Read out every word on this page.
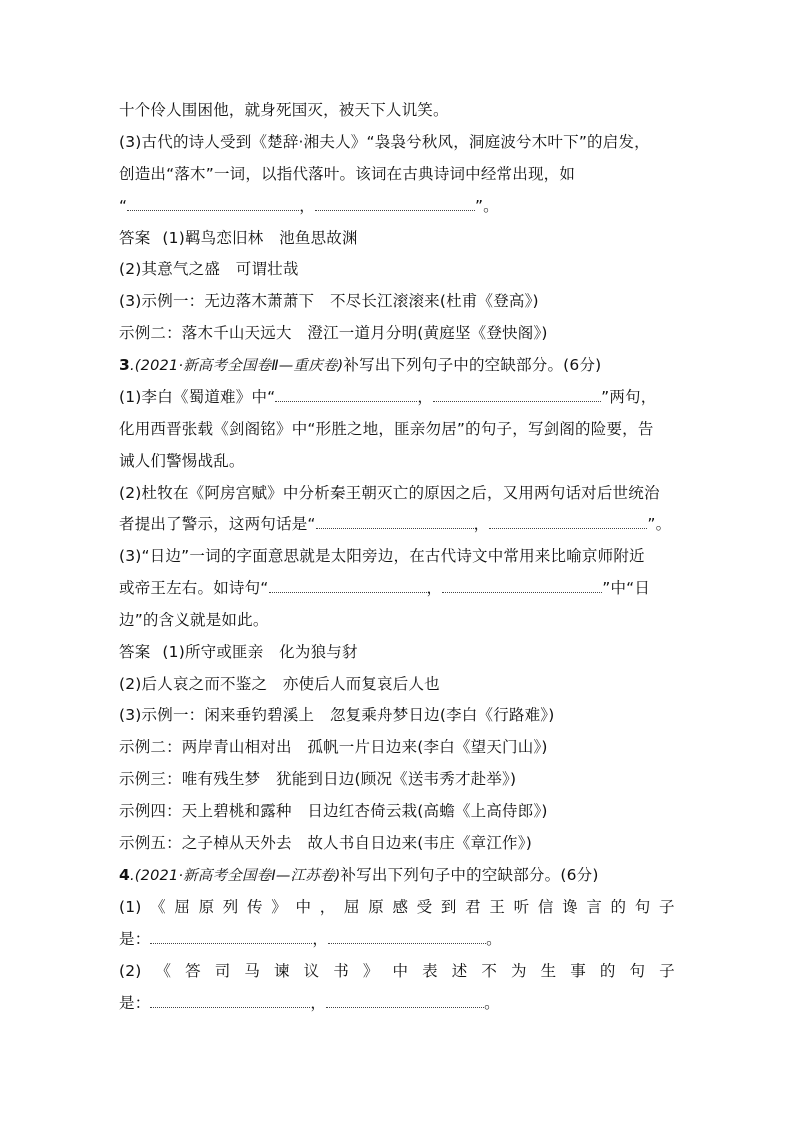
十个伶人围困他，就身死国灭，被天下人讥笑。
(3)古代的诗人受到《楚辞·湘夫人》“袅袅兮秋风，洞庭波兮木叶下”的启发，
创造出“落木”一词，以指代落叶。该词在古典诗词中经常出现，如
“	，	”。
答案 (1)羁鸟恋旧林　池鱼思故渊
(2)其意气之盛　可谓壮哉
(3)示例一：无边落木萧萧下　不尽长江滚滚来(杜甫《登高》)
示例二：落木千山天远大　澄江一道月分明(黄庭坚《登快阁》)
3.(2021·新高考全国卷Ⅱ—重庆卷)补写出下列句子中的空缺部分。(6分)
(1)李白《蜀道难》中“	，	”两句，
化用西晋张载《剑阁铭》中“形胜之地，匪亲勿居”的句子，写剑阁的险要，告
诫人们警惕战乱。
(2)杜牧在《阿房宫赋》中分析秦王朝灭亡的原因之后，又用两句话对后世统治
者提出了警示，这两句话是“	，	”。
(3)“日边”一词的字面意思就是太阳旁边，在古代诗文中常用来比喻京师附近
或帝王左右。如诗句“	，	”中“日
边”的含义就是如此。
答案 (1)所守或匪亲　化为狼与豺
(2)后人哀之而不鉴之　亦使后人而复哀后人也
(3)示例一：闲来垂钓碧溪上　忽复乘舟梦日边(李白《行路难》)
示例二：两岸青山相对出　孤帆一片日边来(李白《望天门山》)
示例三：唯有残生梦　犹能到日边(顾况《送韦秀才赴举》)
示例四：天上碧桃和露种　日边红杏倚云栽(高蟾《上高侍郎》)
示例五：之子棹从天外去　故人书自日边来(韦庄《章江作》)
4.(2021·新高考全国卷Ⅰ—江苏卷)补写出下列句子中的空缺部分。(6分)
(1) 《 屈 原 列 传 》 中 ， 屈 原 感 受 到 君 王 听 信 谗 言 的 句 子
是：	，	。
(2) 《 答 司 马 谏 议 书 》 中 表 述 不 为 生 事 的 句 子
是：	，	。
